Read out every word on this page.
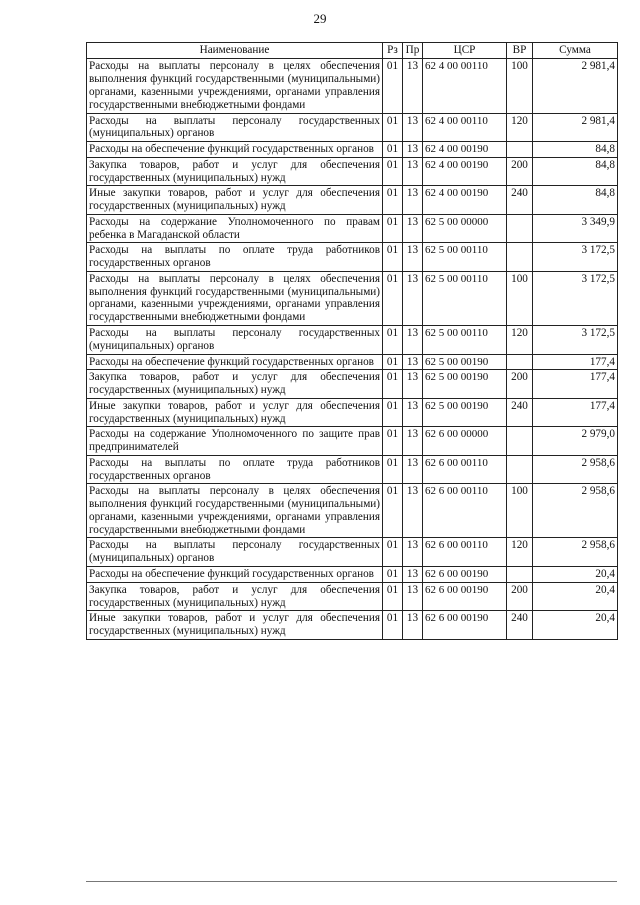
29
Наименование	Рз	Пр	ЦСР	ВР	Сумма
Расходы на выплаты персоналу в целях обеспечения выполнения функций государственными (муниципальными) органами, казенными учреждениями, органами управления государственными внебюджетными фондами	01	13	62 4 00 00110	100	2 981,4
Расходы на выплаты персоналу государственных (муниципальных) органов	01	13	62 4 00 00110	120	2 981,4
Расходы на обеспечение функций государственных органов	01	13	62 4 00 00190		84,8
Закупка товаров, работ и услуг для обеспечения государственных (муниципальных) нужд	01	13	62 4 00 00190	200	84,8
Иные закупки товаров, работ и услуг для обеспечения государственных (муниципальных) нужд	01	13	62 4 00 00190	240	84,8
Расходы на содержание Уполномоченного по правам ребенка в Магаданской области	01	13	62 5 00 00000		3 349,9
Расходы на выплаты по оплате труда работников государственных органов	01	13	62 5 00 00110		3 172,5
Расходы на выплаты персоналу в целях обеспечения выполнения функций государственными (муниципальными) органами, казенными учреждениями, органами управления государственными внебюджетными фондами	01	13	62 5 00 00110	100	3 172,5
Расходы на выплаты персоналу государственных (муниципальных) органов	01	13	62 5 00 00110	120	3 172,5
Расходы на обеспечение функций государственных органов	01	13	62 5 00 00190		177,4
Закупка товаров, работ и услуг для обеспечения государственных (муниципальных) нужд	01	13	62 5 00 00190	200	177,4
Иные закупки товаров, работ и услуг для обеспечения государственных (муниципальных) нужд	01	13	62 5 00 00190	240	177,4
Расходы на содержание Уполномоченного по защите прав предпринимателей	01	13	62 6 00 00000		2 979,0
Расходы на выплаты по оплате труда работников государственных органов	01	13	62 6 00 00110		2 958,6
Расходы на выплаты персоналу в целях обеспечения выполнения функций государственными (муниципальными) органами, казенными учреждениями, органами управления государственными внебюджетными фондами	01	13	62 6 00 00110	100	2 958,6
Расходы на выплаты персоналу государственных (муниципальных) органов	01	13	62 6 00 00110	120	2 958,6
Расходы на обеспечение функций государственных органов	01	13	62 6 00 00190		20,4
Закупка товаров, работ и услуг для обеспечения государственных (муниципальных) нужд	01	13	62 6 00 00190	200	20,4
Иные закупки товаров, работ и услуг для обеспечения государственных (муниципальных) нужд	01	13	62 6 00 00190	240	20,4
